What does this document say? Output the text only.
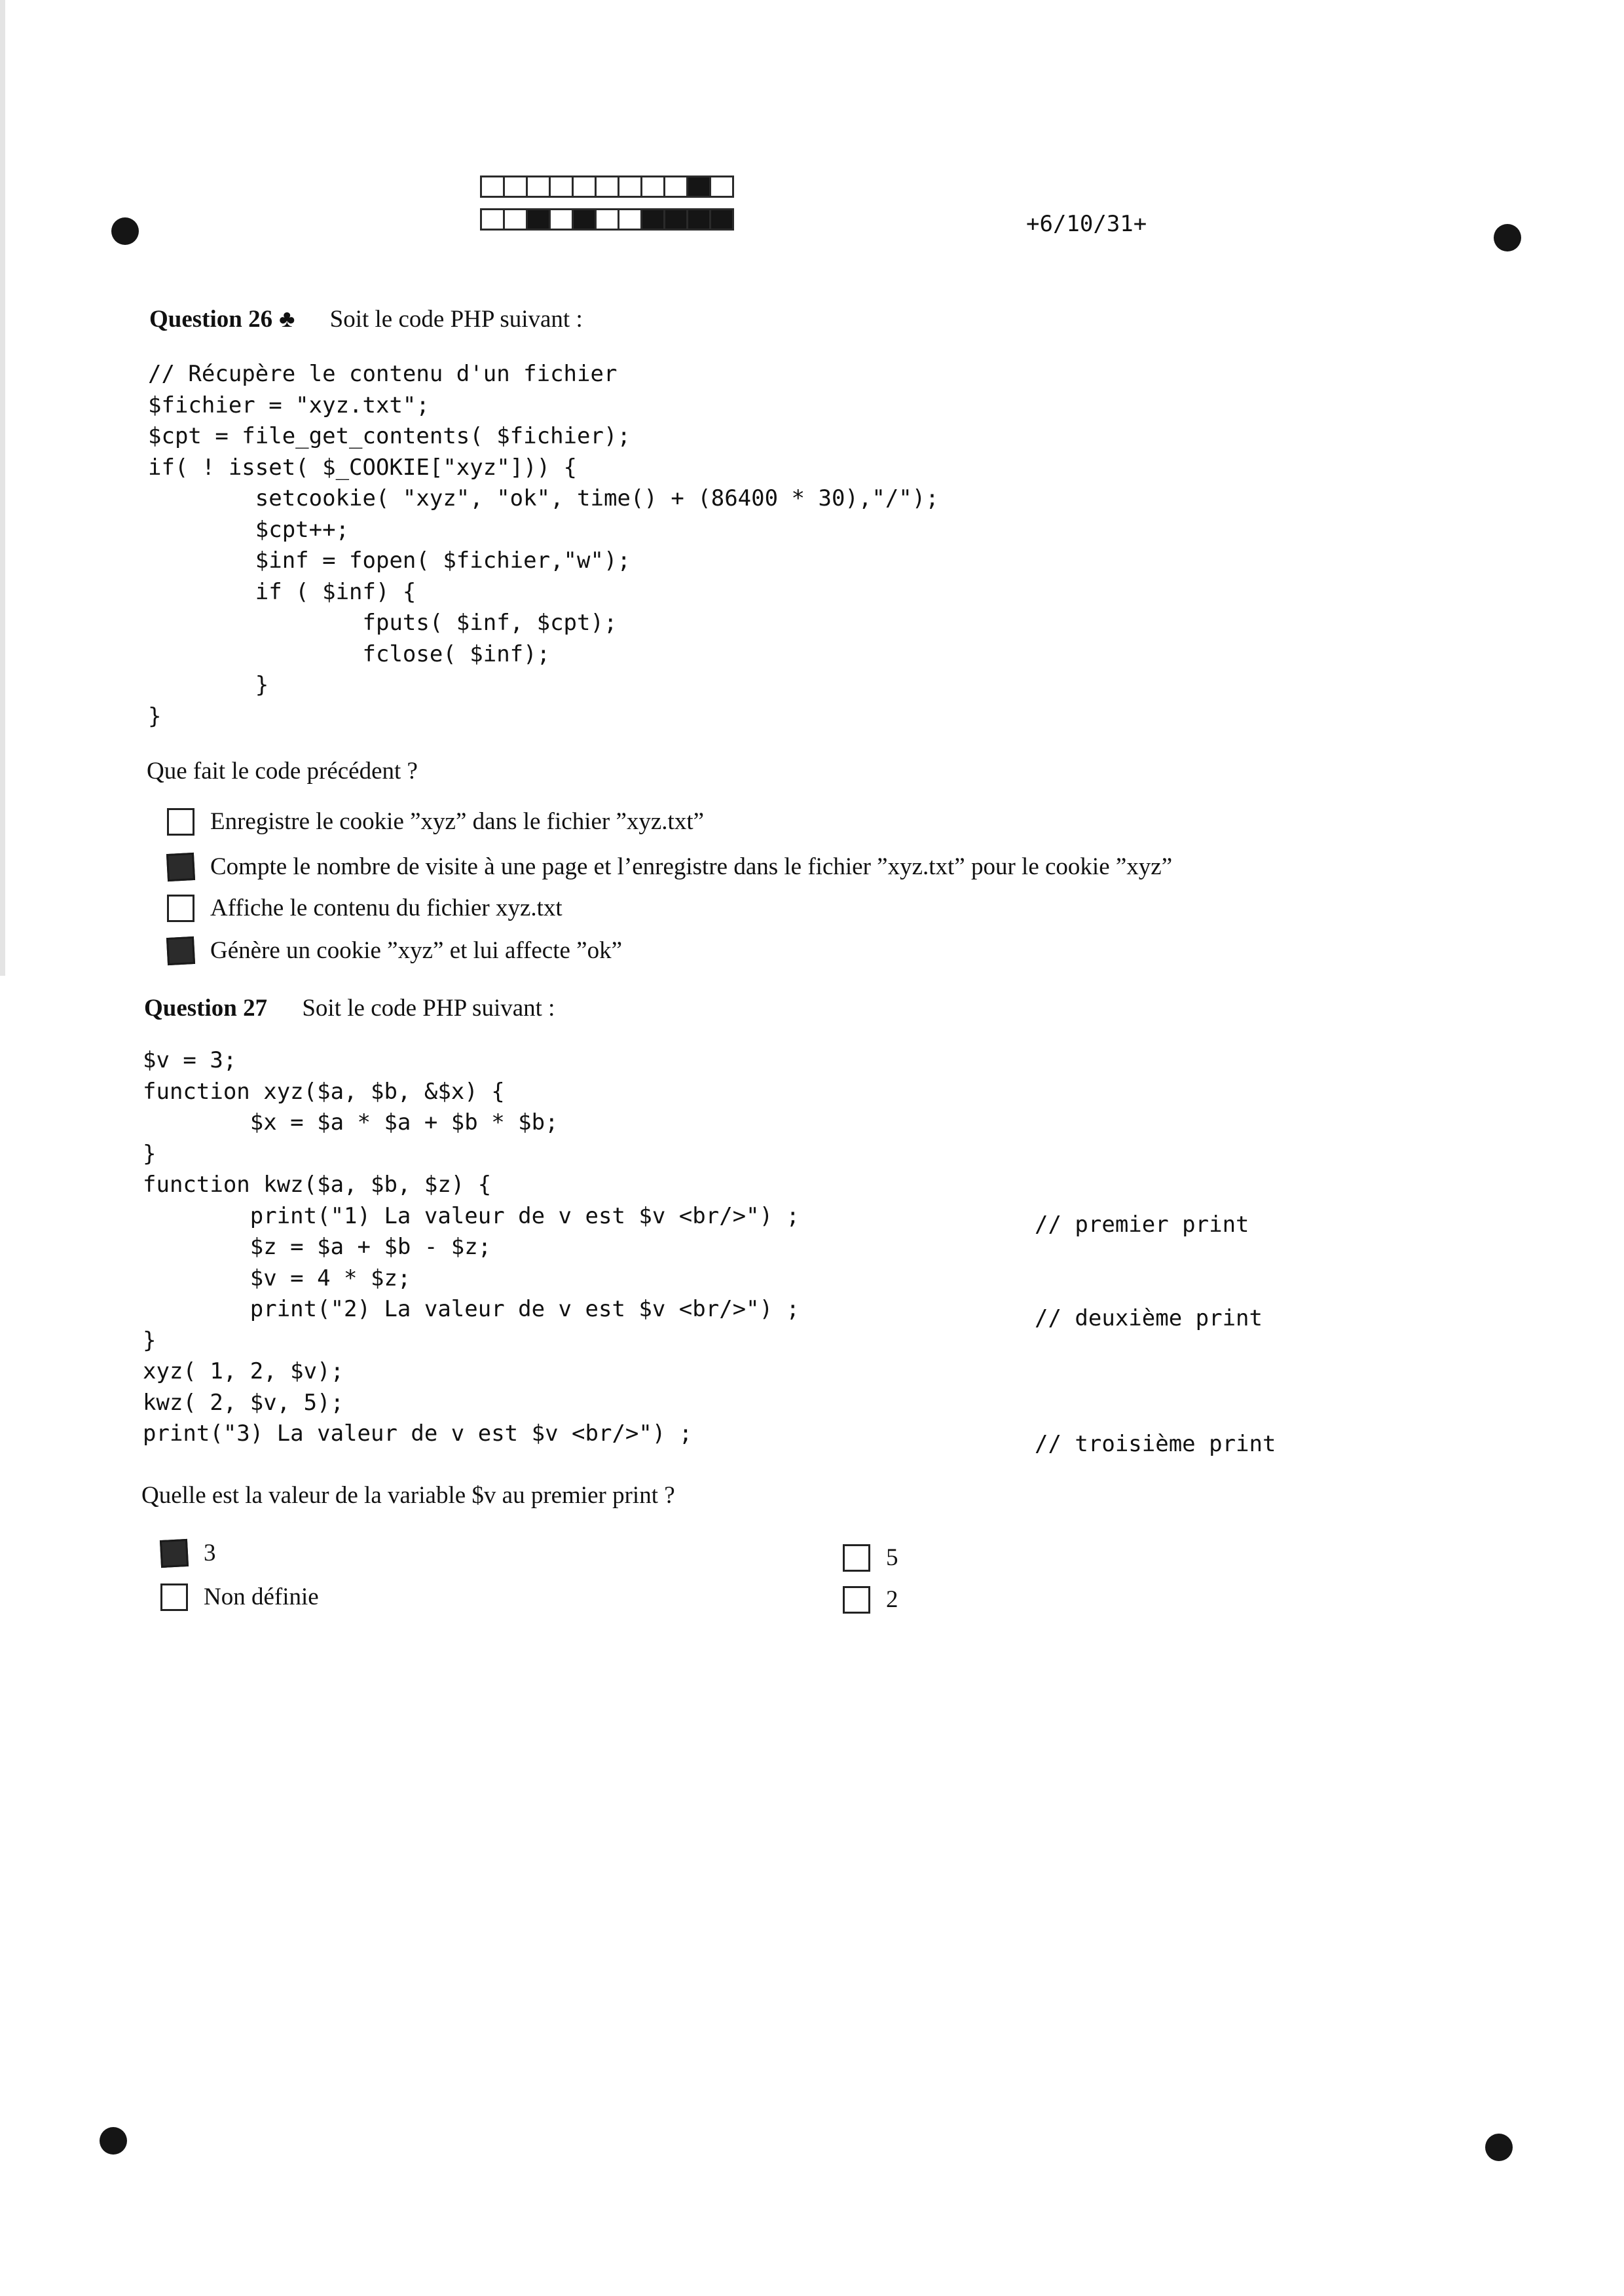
+6/10/31+
Question 26 ♣ Soit le code PHP suivant :
// Récupère le contenu d'un fichier
$fichier = "xyz.txt";
$cpt = file_get_contents( $fichier);
if( ! isset( $_COOKIE["xyz"])) {
setcookie( "xyz", "ok", time() + (86400 * 30),"/");
$cpt++;
$inf = fopen( $fichier,"w");
if ( $inf) {
fputs( $inf, $cpt);
fclose( $inf);
}
}
Que fait le code précédent ?
Enregistre le cookie ”xyz” dans le fichier ”xyz.txt”
Compte le nombre de visite à une page et l’enregistre dans le fichier ”xyz.txt” pour le cookie ”xyz”
Affiche le contenu du fichier xyz.txt
Génère un cookie ”xyz” et lui affecte ”ok”
Question 27 Soit le code PHP suivant :
$v = 3;
function xyz($a, $b, &$x) {
$x = $a * $a + $b * $b;
}
function kwz($a, $b, $z) {
print("1) La valeur de v est $v <br/>") ;
$z = $a + $b - $z;
$v = 4 * $z;
print("2) La valeur de v est $v <br/>") ;
}
xyz( 1, 2, $v);
kwz( 2, $v, 5);
print("3) La valeur de v est $v <br/>") ;
// premier print
// deuxième print
// troisième print
Quelle est la valeur de la variable $v au premier print ?
3
Non définie
5
2
